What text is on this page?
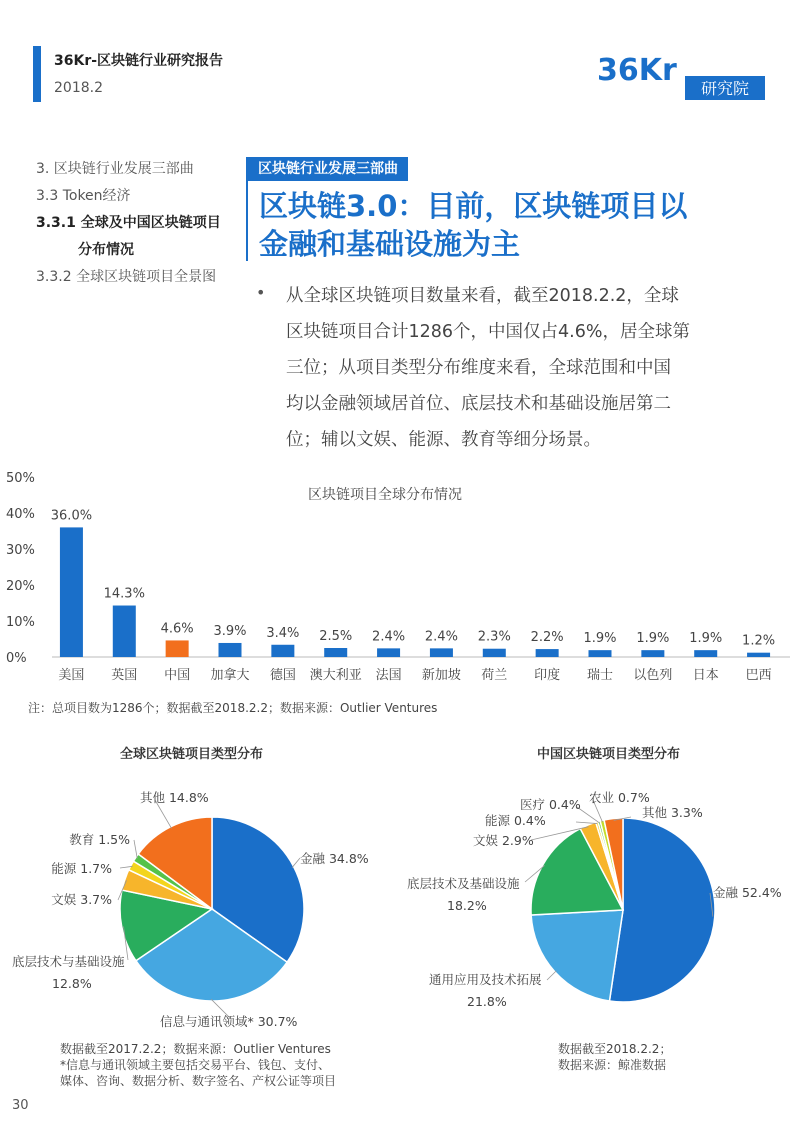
36Kr-区块链行业研究报告
2018.2	36Kr
研究院
3. 区块链行业发展三部曲
3.3 Token经济
3.3.1 全球及中国区块链项目
分布情况
3.3.2 全球区块链项目全景图
区块链行业发展三部曲
区块链3.0：目前，区块链项目以
金融和基础设施为主
• 从全球区块链项目数量来看，截至2018.2.2，全球
区块链项目合计1286个，中国仅占4.6%，居全球第
三位；从项目类型分布维度来看，全球范围和中国
均以金融领域居首位、底层技术和基础设施居第二
位；辅以文娱、能源、教育等细分场景。
0%
10%
20%
30%
40%
50%
区块链项目全球分布情况
36.0%
美国
14.3%
英国
4.6%
中国
3.9%
加拿大
3.4%
德国
2.5%
澳大利亚
2.4%
法国
2.4%
新加坡
2.3%
荷兰
2.2%
印度
1.9%
瑞士
1.9%
以色列
1.9%
日本
1.2%
巴西
注：总项目数为1286个；数据截至2018.2.2；数据来源：Outlier Ventures
全球区块链项目类型分布
金融 34.8%
信息与通讯领域* 30.7%
底层技术与基础设施
12.8%
文娱 3.7%
能源 1.7%
教育 1.5%
其他 14.8%
数据截至2017.2.2；数据来源：Outlier Ventures
*信息与通讯领域主要包括交易平台、钱包、支付、
媒体、咨询、数据分析、数字签名、产权公证等项目
中国区块链项目类型分布
金融 52.4%
通用应用及技术拓展
21.8%
底层技术及基础设施
18.2%
文娱 2.9%
能源 0.4%
医疗 0.4% 农业 0.7%
其他 3.3%
数据截至2018.2.2；
数据来源：鲸准数据
30
